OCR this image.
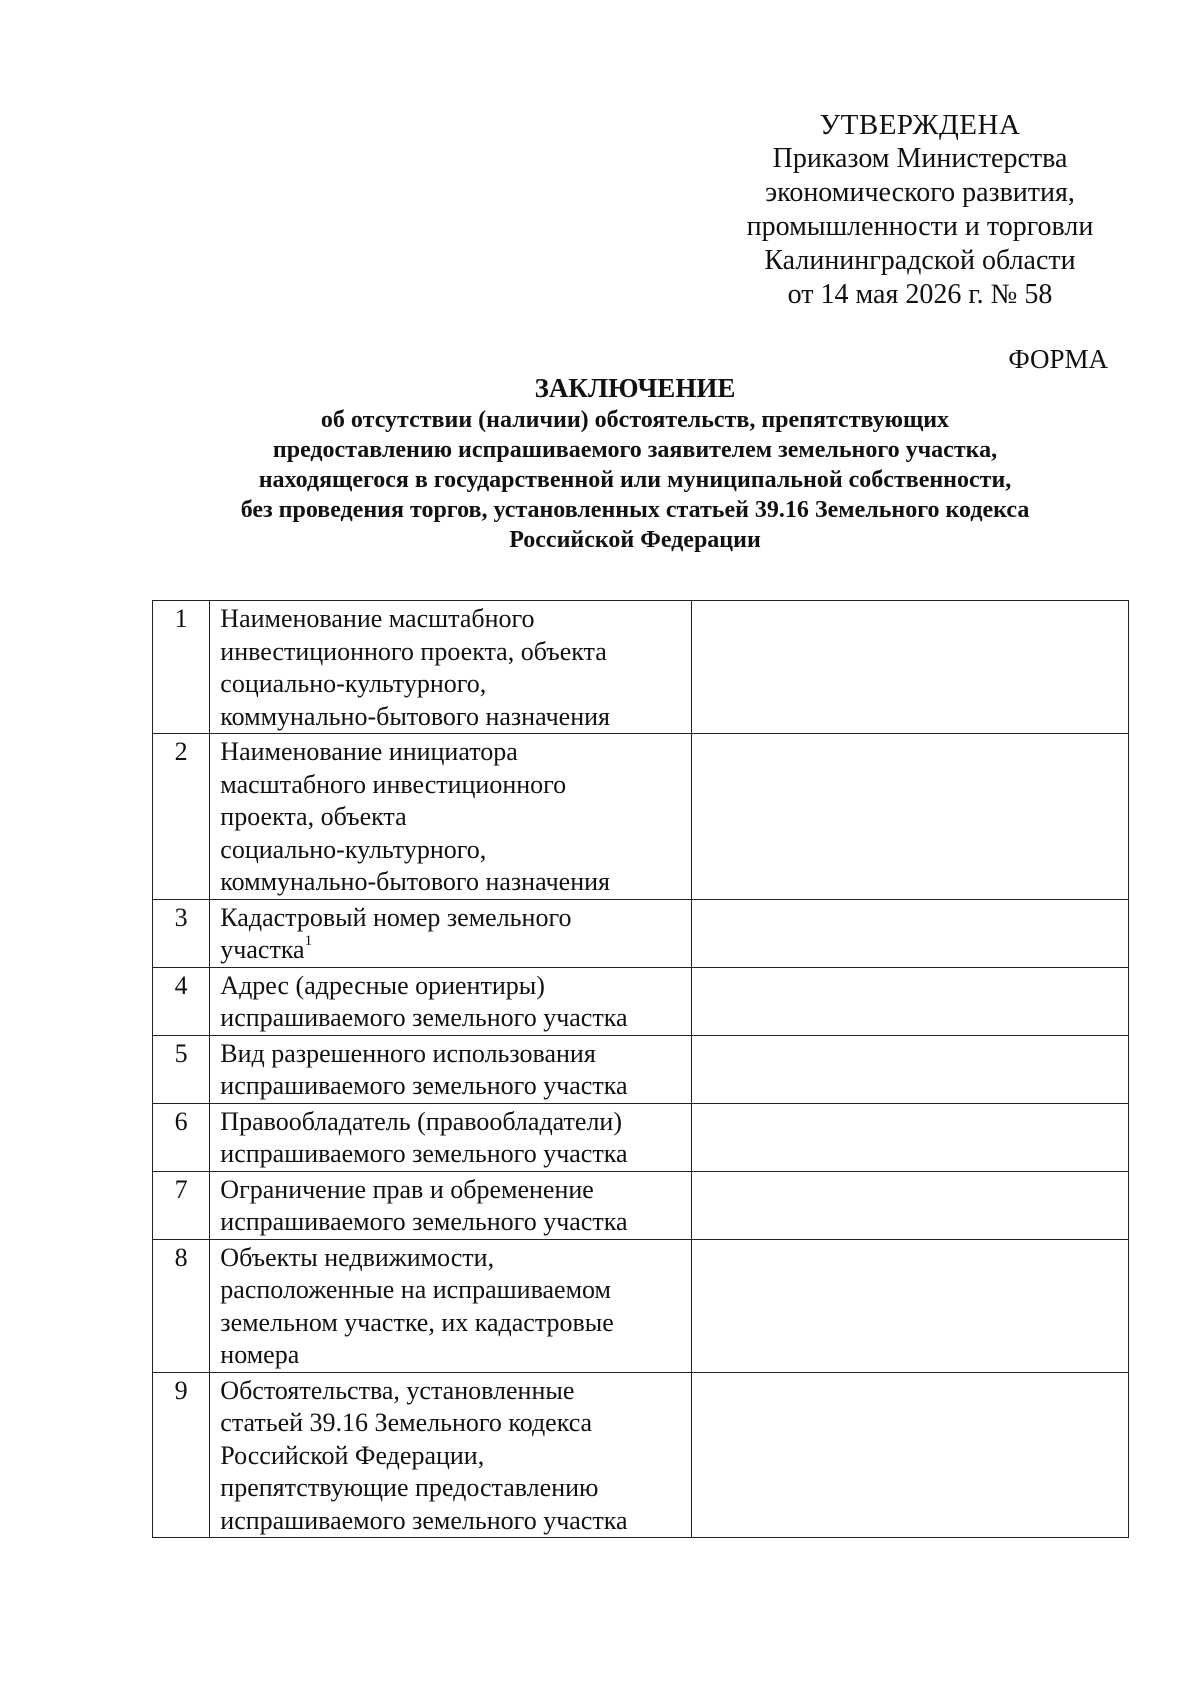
УТВЕРЖДЕНА
Приказом Министерства
экономического развития,
промышленности и торговли
Калининградской области
от 14 мая 2026 г. № 58
ФОРМА
ЗАКЛЮЧЕНИЕ
об отсутствии (наличии) обстоятельств, препятствующих
предоставлению испрашиваемого заявителем земельного участка,
находящегося в государственной или муниципальной собственности,
без проведения торгов, установленных статьей 39.16 Земельного кодекса
Российской Федерации
1	Наименование масштабного
инвестиционного проекта, объекта
социально-культурного,
коммунально-бытового назначения	
2	Наименование инициатора
масштабного инвестиционного
проекта, объекта
социально-культурного,
коммунально-бытового назначения	
3	Кадастровый номер земельного
участка$^1$	
4	Адрес (адресные ориентиры)
испрашиваемого земельного участка	
5	Вид разрешенного использования
испрашиваемого земельного участка	
6	Правообладатель (правообладатели)
испрашиваемого земельного участка	
7	Ограничение прав и обременение
испрашиваемого земельного участка	
8	Объекты недвижимости,
расположенные на испрашиваемом
земельном участке, их кадастровые
номера	
9	Обстоятельства, установленные
статьей 39.16 Земельного кодекса
Российской Федерации,
препятствующие предоставлению
испрашиваемого земельного участка	
